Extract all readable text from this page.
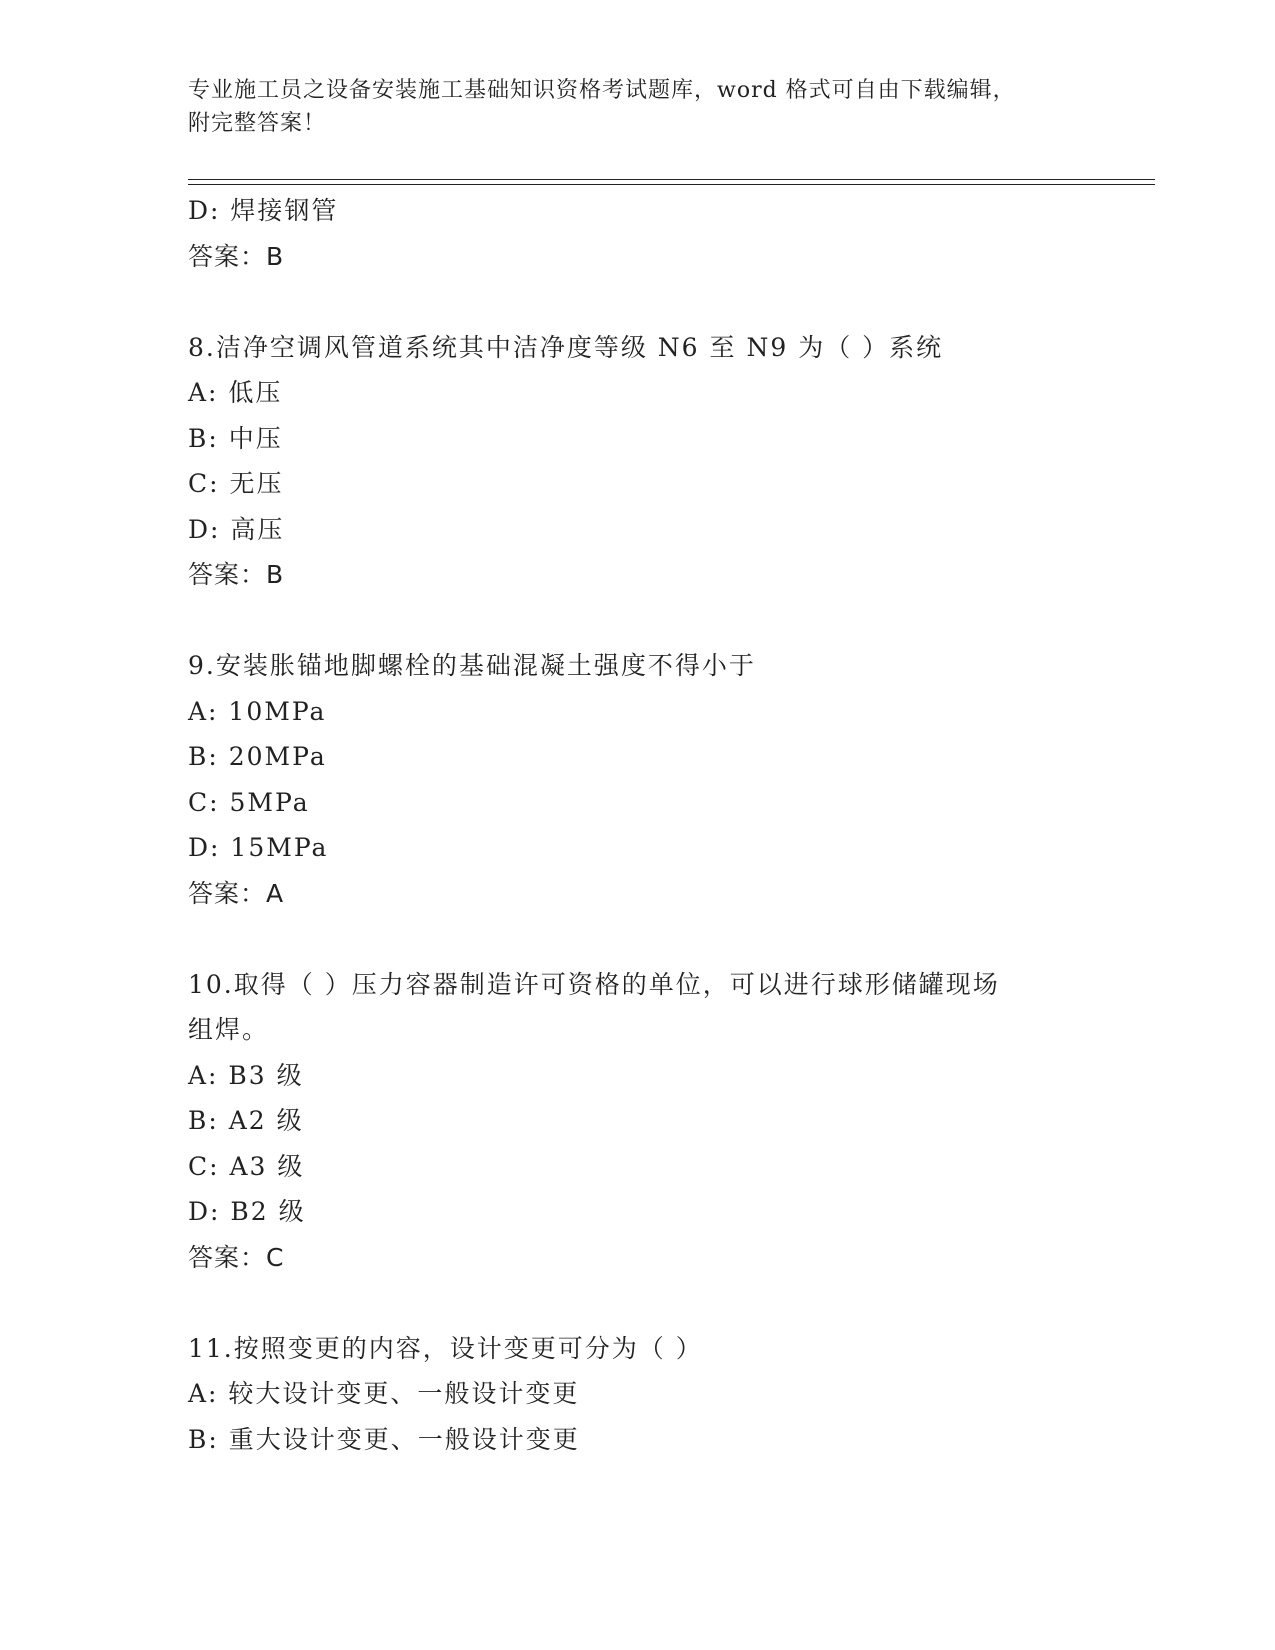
专业施工员之设备安装施工基础知识资格考试题库，word 格式可自由下载编辑，
附完整答案！
D: 焊接钢管
答案：B
8.洁净空调风管道系统其中洁净度等级 N6 至 N9 为（ ）系统
A: 低压
B: 中压
C: 无压
D: 高压
答案：B
9.安装胀锚地脚螺栓的基础混凝土强度不得小于
A: 10MPa
B: 20MPa
C: 5MPa
D: 15MPa
答案：A
10.取得（ ）压力容器制造许可资格的单位，可以进行球形储罐现场
组焊。
A: B3 级
B: A2 级
C: A3 级
D: B2 级
答案：C
11.按照变更的内容，设计变更可分为（ ）
A: 较大设计变更、一般设计变更
B: 重大设计变更、一般设计变更
